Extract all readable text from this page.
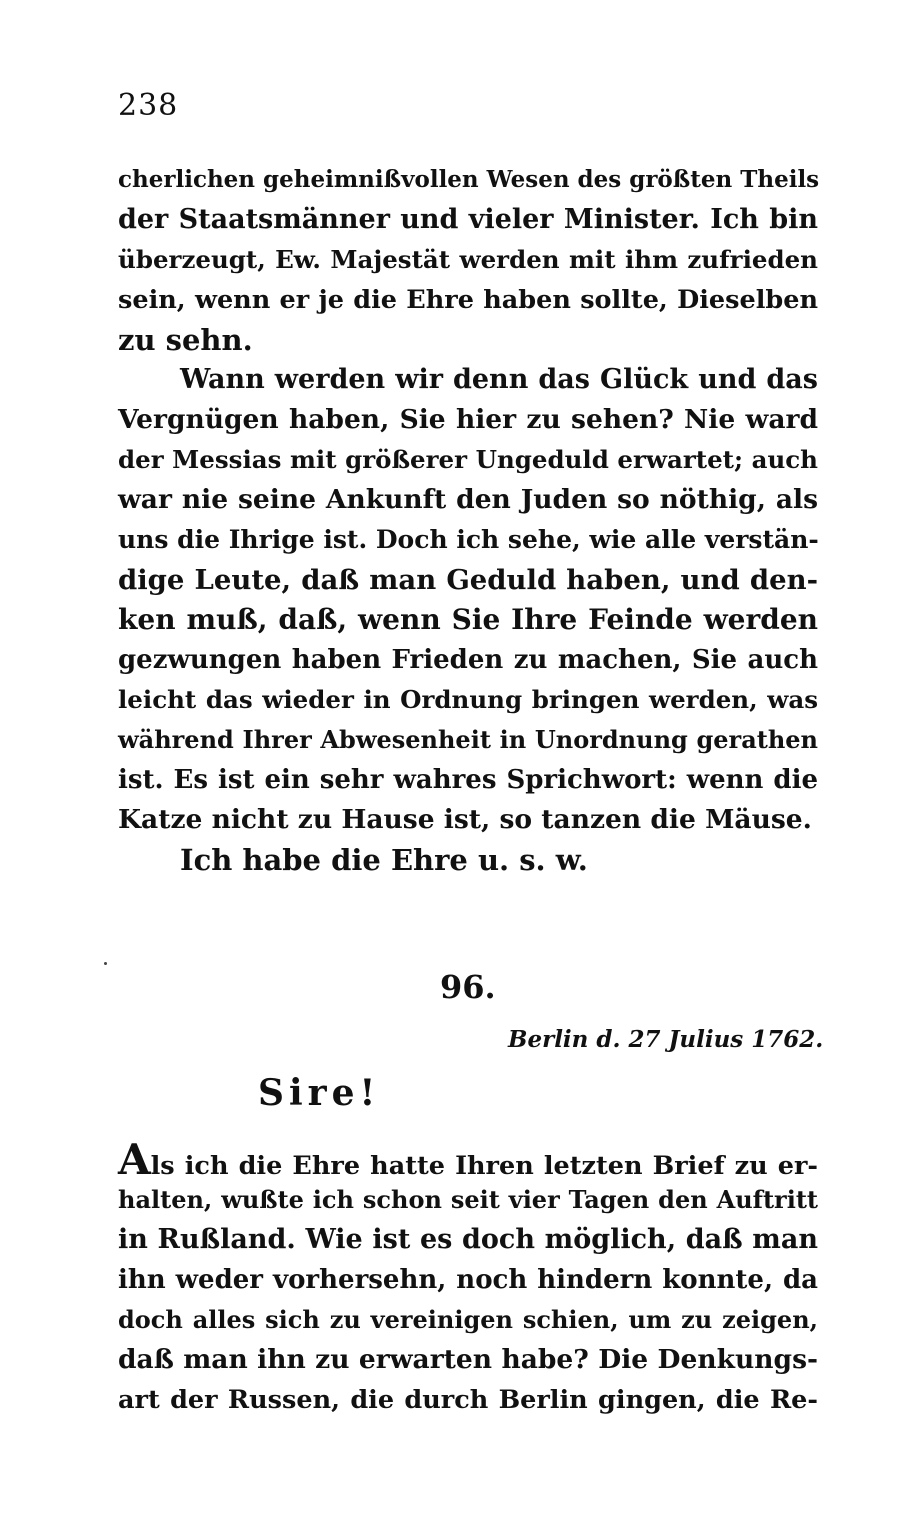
238
cherlichen geheimnißvollen Wesen des größten Theils
der Staatsmänner und vieler Minister. Ich bin
überzeugt, Ew. Majestät werden mit ihm zufrieden
sein, wenn er je die Ehre haben sollte, Dieselben
zu sehn.
Wann werden wir denn das Glück und das
Vergnügen haben, Sie hier zu sehen? Nie ward
der Messias mit größerer Ungeduld erwartet; auch
war nie seine Ankunft den Juden so nöthig, als
uns die Ihrige ist. Doch ich sehe, wie alle verstän-
dige Leute, daß man Geduld haben, und den-
ken muß, daß, wenn Sie Ihre Feinde werden
gezwungen haben Frieden zu machen, Sie auch
leicht das wieder in Ordnung bringen werden, was
während Ihrer Abwesenheit in Unordnung gerathen
ist. Es ist ein sehr wahres Sprichwort: wenn die
Katze nicht zu Hause ist, so tanzen die Mäuse.
Ich habe die Ehre u. s. w.
96.
Berlin d. 27 Julius 1762.
Sire!
Als ich die Ehre hatte Ihren letzten Brief zu er-
halten, wußte ich schon seit vier Tagen den Auftritt
in Rußland. Wie ist es doch möglich, daß man
ihn weder vorhersehn, noch hindern konnte, da
doch alles sich zu vereinigen schien, um zu zeigen,
daß man ihn zu erwarten habe? Die Denkungs-
art der Russen, die durch Berlin gingen, die Re-
